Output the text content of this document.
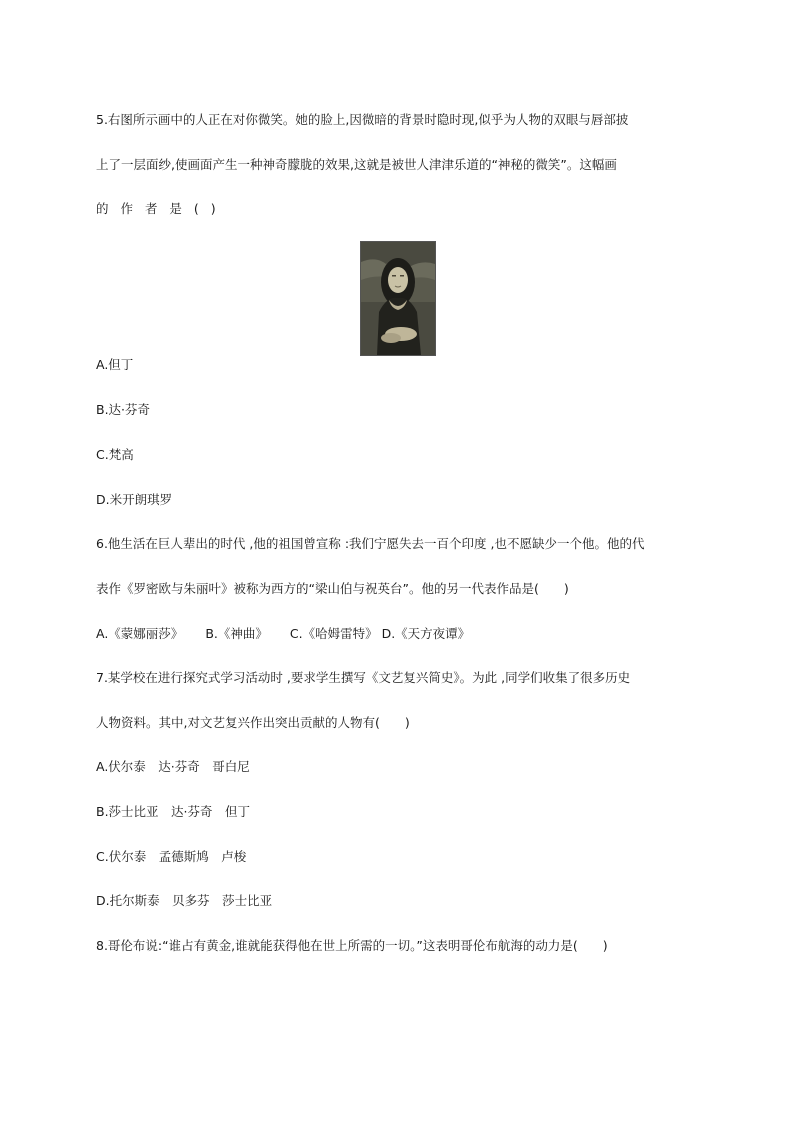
5.右图所示画中的人正在对你微笑。她的脸上,因微暗的背景时隐时现,似乎为人物的双眼与唇部披
上了一层面纱,使画面产生一种神奇朦胧的效果,这就是被世人津津乐道的“神秘的微笑”。这幅画
的 作 者 是 ( )
A.但丁
B.达·芬奇
C.梵高
D.米开朗琪罗
6.他生活在巨人辈出的时代 ,他的祖国曾宣称 :我们宁愿失去一百个印度 ,也不愿缺少一个他。他的代
表作《罗密欧与朱丽叶》被称为西方的“梁山伯与祝英台”。他的另一代表作品是(　　)
A.《蒙娜丽莎》 B.《神曲》 C.《哈姆雷特》 D.《天方夜谭》
7.某学校在进行探究式学习活动时 ,要求学生撰写《文艺复兴简史》。为此 ,同学们收集了很多历史
人物资料。其中,对文艺复兴作出突出贡献的人物有(　　)
A.伏尔泰　达·芬奇　哥白尼
B.莎士比亚　达·芬奇　但丁
C.伏尔泰　孟德斯鸠　卢梭
D.托尔斯泰　贝多芬　莎士比亚
8.哥伦布说:“谁占有黄金,谁就能获得他在世上所需的一切。”这表明哥伦布航海的动力是(　　)
